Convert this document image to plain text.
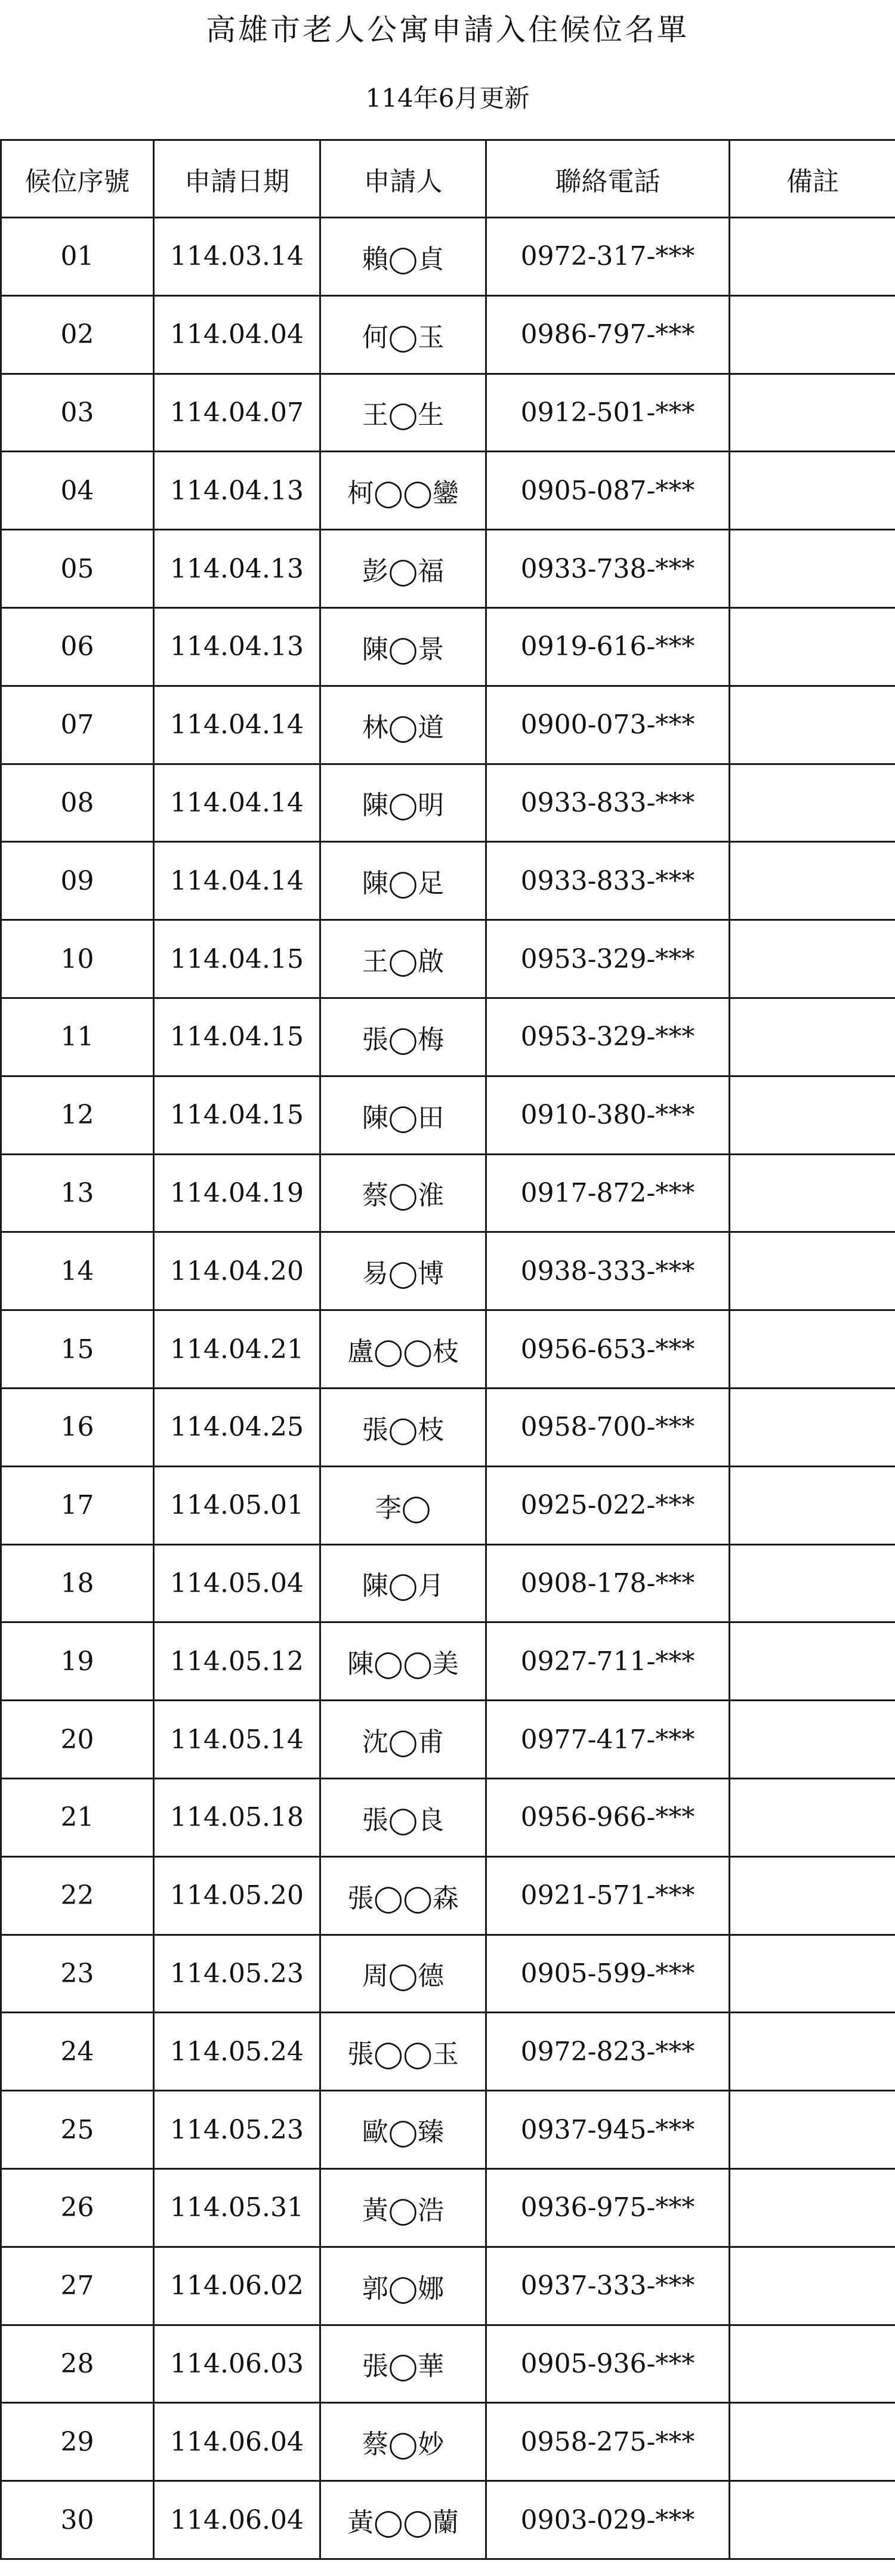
高雄市老人公寓申請入住候位名單
114年6月更新
候位序號	申請日期	申請人	聯絡電話	備註
01	114.03.14	賴◯貞	0972-317-***	
02	114.04.04	何◯玉	0986-797-***	
03	114.04.07	王◯生	0912-501-***	
04	114.04.13	柯◯◯鑾	0905-087-***	
05	114.04.13	彭◯福	0933-738-***	
06	114.04.13	陳◯景	0919-616-***	
07	114.04.14	林◯道	0900-073-***	
08	114.04.14	陳◯明	0933-833-***	
09	114.04.14	陳◯足	0933-833-***	
10	114.04.15	王◯啟	0953-329-***	
11	114.04.15	張◯梅	0953-329-***	
12	114.04.15	陳◯田	0910-380-***	
13	114.04.19	蔡◯淮	0917-872-***	
14	114.04.20	易◯博	0938-333-***	
15	114.04.21	盧◯◯枝	0956-653-***	
16	114.04.25	張◯枝	0958-700-***	
17	114.05.01	李◯	0925-022-***	
18	114.05.04	陳◯月	0908-178-***	
19	114.05.12	陳◯◯美	0927-711-***	
20	114.05.14	沈◯甫	0977-417-***	
21	114.05.18	張◯良	0956-966-***	
22	114.05.20	張◯◯森	0921-571-***	
23	114.05.23	周◯德	0905-599-***	
24	114.05.24	張◯◯玉	0972-823-***	
25	114.05.23	歐◯臻	0937-945-***	
26	114.05.31	黃◯浩	0936-975-***	
27	114.06.02	郭◯娜	0937-333-***	
28	114.06.03	張◯華	0905-936-***	
29	114.06.04	蔡◯妙	0958-275-***	
30	114.06.04	黃◯◯蘭	0903-029-***	
